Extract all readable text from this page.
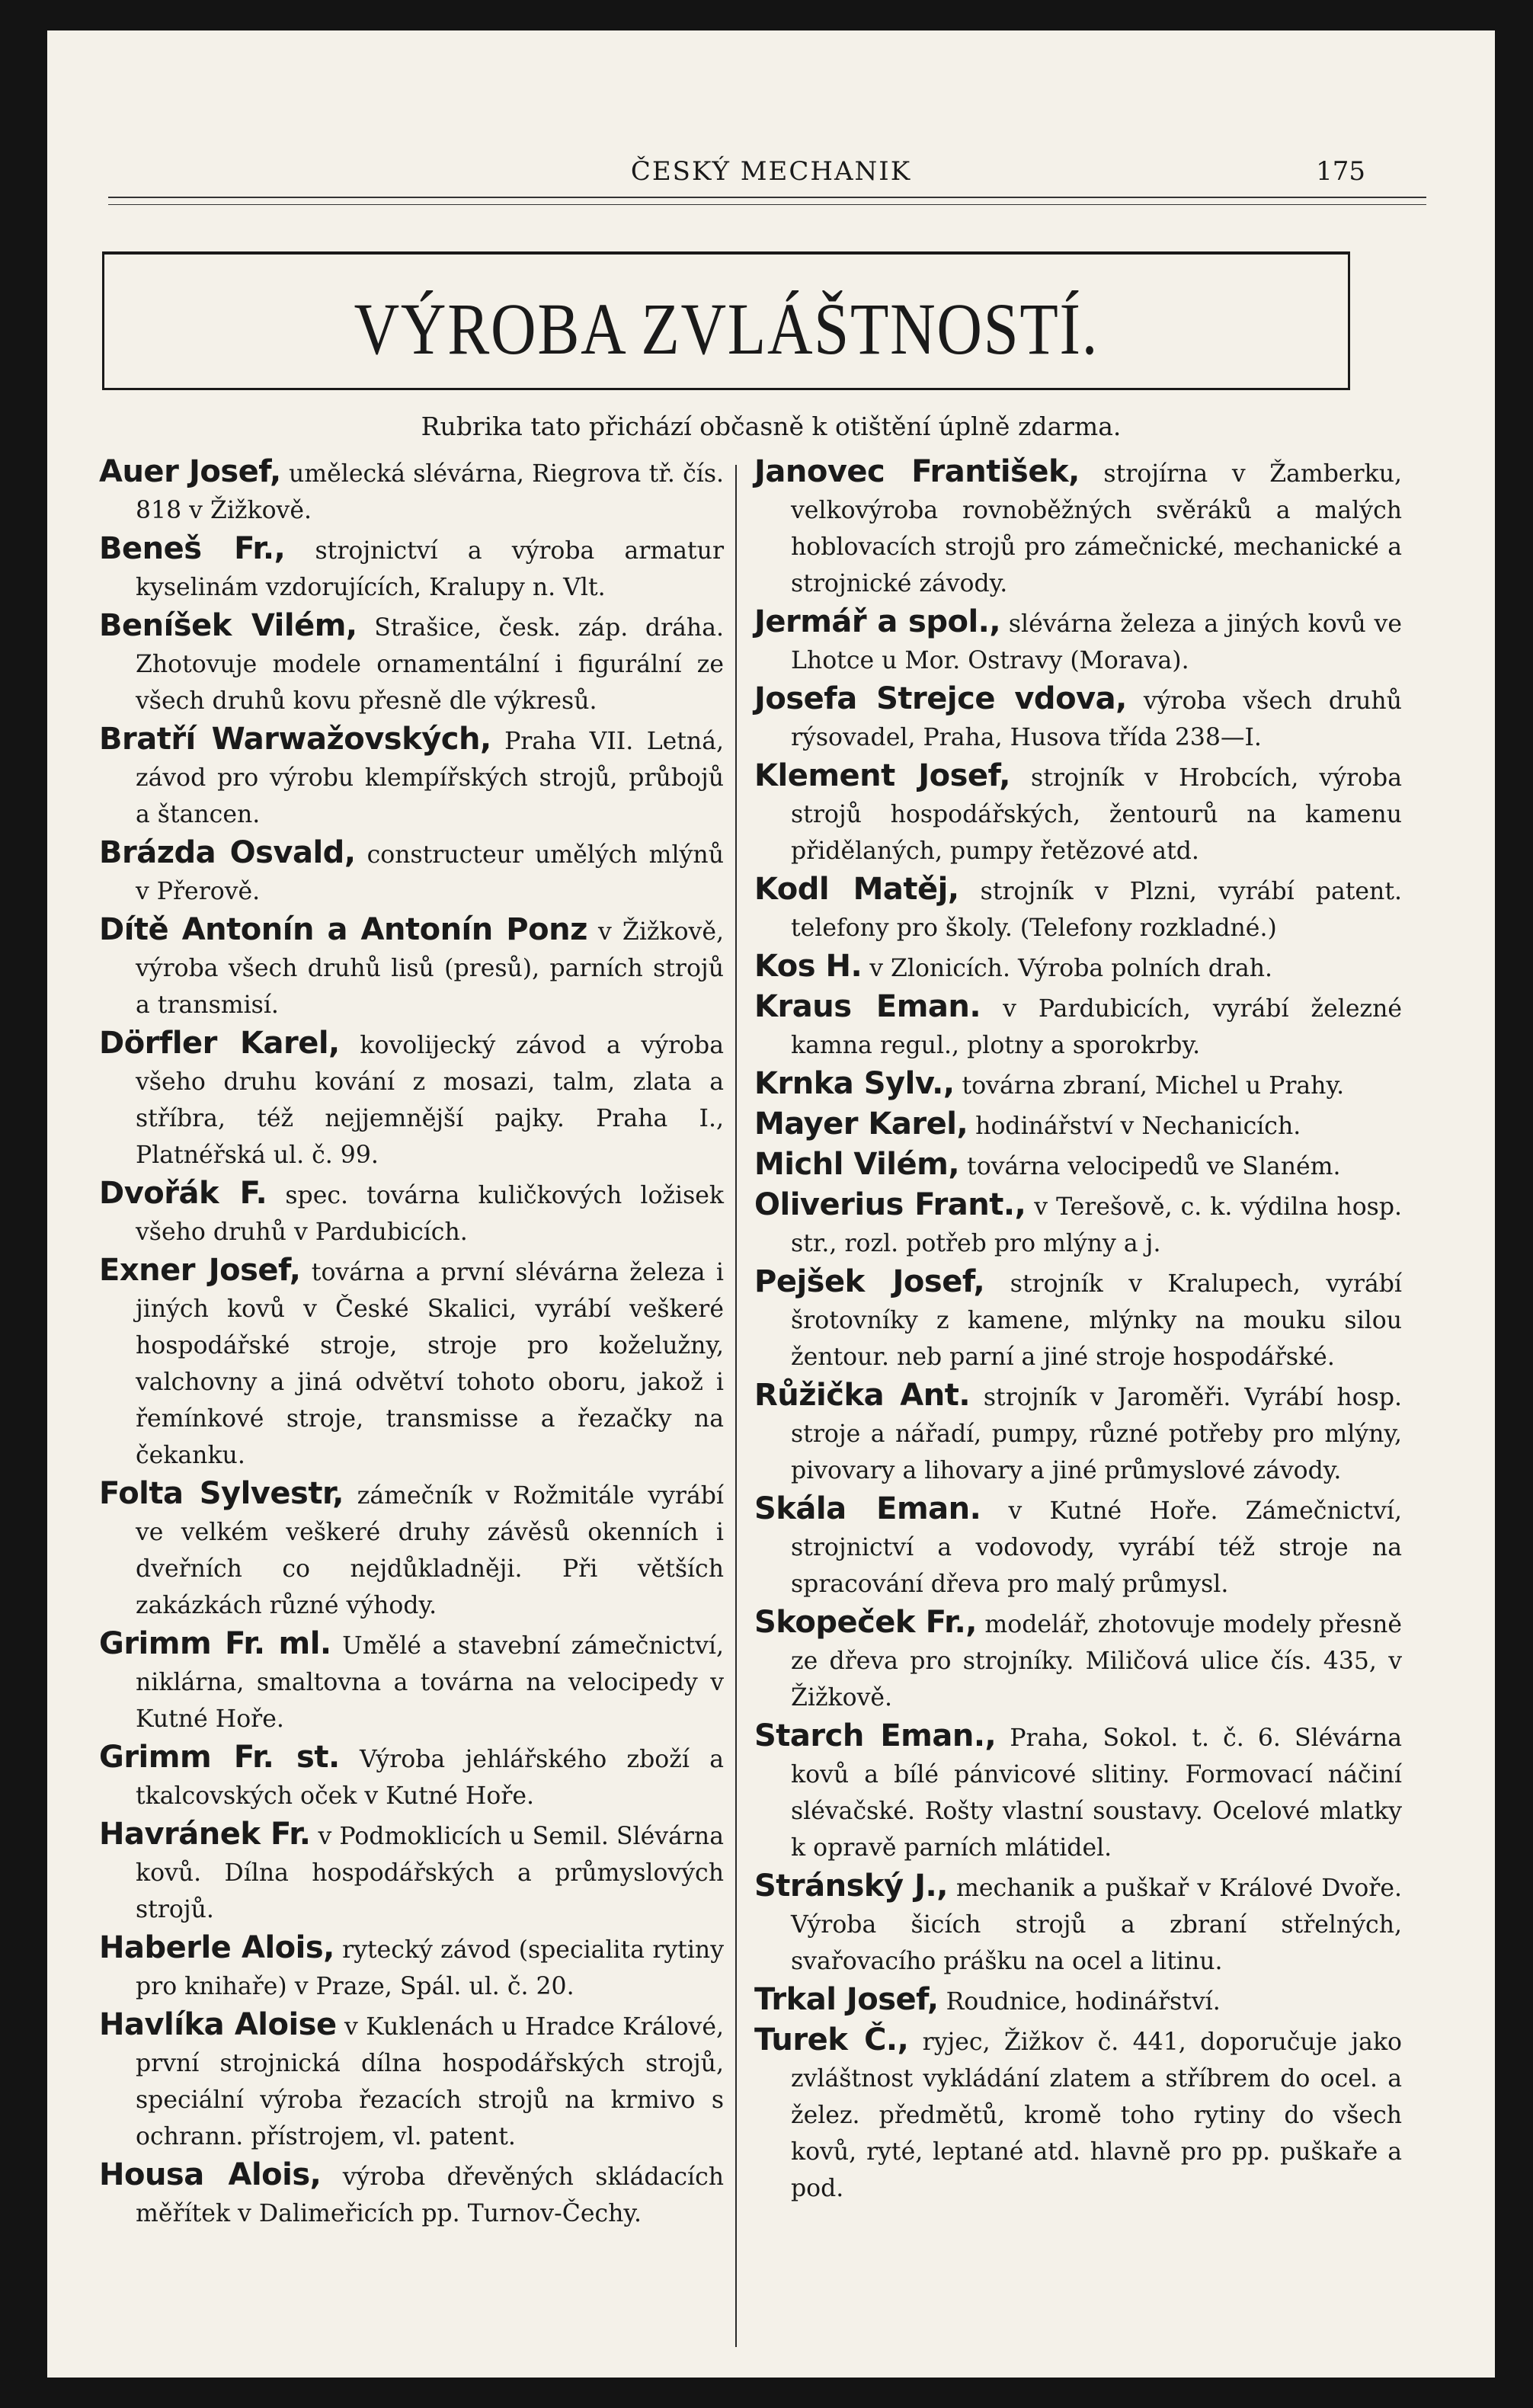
ČESKÝ MECHANIK	175
VÝROBA ZVLÁŠTNOSTÍ.
Rubrika tato přichází občasně k otištění úplně zdarma.

Auer Josef, umělecká slévárna, Riegrova tř. čís. 818 v Žižkově.

Beneš Fr., strojnictví a výroba armatur kyselinám vzdorujících, Kralupy n. Vlt.

Beníšek Vilém, Strašice, česk. záp. dráha. Zhotovuje modele ornamentální i figurální ze všech druhů kovu přesně dle výkresů.

Bratří Warwažovských, Praha VII. Letná, závod pro výrobu klempířských strojů, průbojů a štancen.

Brázda Osvald, constructeur umělých mlýnů v Přerově.

Dítě Antonín a Antonín Ponz v Žižkově, výroba všech druhů lisů (presů), parních strojů a transmisí.

Dörfler Karel, kovolijecký závod a výroba všeho druhu kování z mosazi, talm, zlata a stříbra, též nejjemnější pajky. Praha I., Platnéřská ul. č. 99.

Dvořák F. spec. továrna kuličkových ložisek všeho druhů v Pardubicích.

Exner Josef, továrna a první slévárna železa i jiných kovů v České Skalici, vyrábí veškeré hospodářské stroje, stroje pro koželužny, valchovny a jiná odvětví tohoto oboru, jakož i řemínkové stroje, transmisse a řezačky na čekanku.

Folta Sylvestr, zámečník v Rožmitále vyrábí ve velkém veškeré druhy závěsů okenních i dveřních co nejdůkladněji. Při větších zakázkách různé výhody.

Grimm Fr. ml. Umělé a stavební zámečnictví, niklárna, smaltovna a továrna na velocipedy v Kutné Hoře.

Grimm Fr. st. Výroba jehlářského zboží a tkalcovských oček v Kutné Hoře.

Havránek Fr. v Podmoklicích u Semil. Slévárna kovů. Dílna hospodářských a průmyslových strojů.

Haberle Alois, rytecký závod (specialita rytiny pro knihaře) v Praze, Spál. ul. č. 20.

Havlíka Aloise v Kuklenách u Hradce Králové, první strojnická dílna hospodářských strojů, speciální výroba řezacích strojů na krmivo s ochrann. přístrojem, vl. patent.

Housa Alois, výroba dřevěných skládacích měřítek v Dalimeřicích pp. Turnov-Čechy.

Janovec František, strojírna v Žamberku, velkovýroba rovnoběžných svěráků a malých hoblovacích strojů pro zámečnické, mechanické a strojnické závody.

Jermář a spol., slévárna železa a jiných kovů ve Lhotce u Mor. Ostravy (Morava).

Josefa Strejce vdova, výroba všech druhů rýsovadel, Praha, Husova třída 238—I.

Klement Josef, strojník v Hrobcích, výroba strojů hospodářských, žentourů na kamenu přidělaných, pumpy řetězové atd.

Kodl Matěj, strojník v Plzni, vyrábí patent. telefony pro školy. (Telefony rozkladné.)

Kos H. v Zlonicích. Výroba polních drah.

Kraus Eman. v Pardubicích, vyrábí železné kamna regul., plotny a sporokrby.

Krnka Sylv., továrna zbraní, Michel u Prahy.

Mayer Karel, hodinářství v Nechanicích.

Michl Vilém, továrna velocipedů ve Slaném.

Oliverius Frant., v Terešově, c. k. výdilna hosp. str., rozl. potřeb pro mlýny a j.

Pejšek Josef, strojník v Kralupech, vyrábí šrotovníky z kamene, mlýnky na mouku silou žentour. neb parní a jiné stroje hospodářské.

Růžička Ant. strojník v Jaroměři. Vyrábí hosp. stroje a nářadí, pumpy, různé potřeby pro mlýny, pivovary a lihovary a jiné průmyslové závody.

Skála Eman. v Kutné Hoře. Zámečnictví, strojnictví a vodovody, vyrábí též stroje na spracování dřeva pro malý průmysl.

Skopeček Fr., modelář, zhotovuje modely přesně ze dřeva pro strojníky. Miličová ulice čís. 435, v Žižkově.

Starch Eman., Praha, Sokol. t. č. 6. Slévárna kovů a bílé pánvicové slitiny. Formovací náčiní slévačské. Rošty vlastní soustavy. Ocelové mlatky k opravě parních mlátidel.

Stránský J., mechanik a puškař v Králové Dvoře. Výroba šicích strojů a zbraní střelných, svařovacího prášku na ocel a litinu.

Trkal Josef, Roudnice, hodinářství.

Turek Č., ryjec, Žižkov č. 441, doporučuje jako zvláštnost vykládání zlatem a stříbrem do ocel. a želez. předmětů, kromě toho rytiny do všech kovů, ryté, leptané atd. hlavně pro pp. puškaře a pod.
